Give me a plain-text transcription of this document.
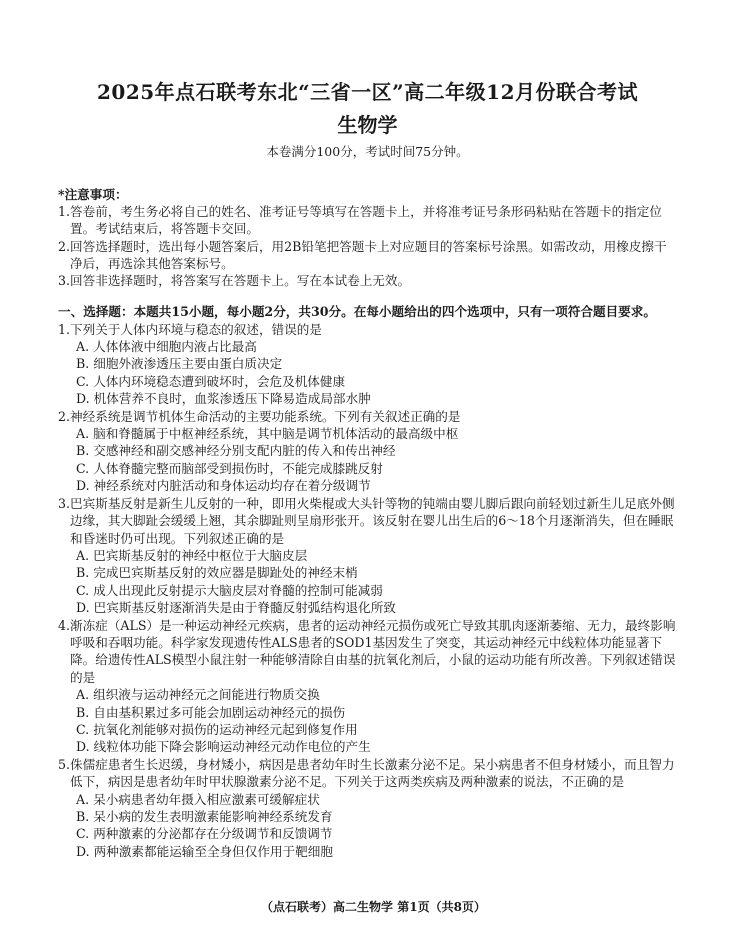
2025年点石联考东北“三省一区”高二年级12月份联合考试
生物学
本卷满分100分，考试时间75分钟。
*注意事项：
1. 答卷前，考生务必将自己的姓名、准考证号等填写在答题卡上，并将准考证号条形码粘贴在答题卡的指定位置。考试结束后，将答题卡交回。
2. 回答选择题时，选出每小题答案后，用2B铅笔把答题卡上对应题目的答案标号涂黑。如需改动，用橡皮擦干净后，再选涂其他答案标号。
3. 回答非选择题时，将答案写在答题卡上。写在本试卷上无效。
一、 选择题：本题共15小题，每小题2分，共30分。在每小题给出的四个选项中，只有一项符合题目要求。
1. 下列关于人体内环境与稳态的叙述，错误的是
A. 人体体液中细胞内液占比最高
B. 细胞外液渗透压主要由蛋白质决定
C. 人体内环境稳态遭到破坏时，会危及机体健康
D. 机体营养不良时，血浆渗透压下降易造成局部水肿
2. 神经系统是调节机体生命活动的主要功能系统。下列有关叙述正确的是
A. 脑和脊髓属于中枢神经系统，其中脑是调节机体活动的最高级中枢
B. 交感神经和副交感神经分别支配内脏的传入和传出神经
C. 人体脊髓完整而脑部受到损伤时，不能完成膝跳反射
D. 神经系统对内脏活动和身体运动均存在着分级调节
3. 巴宾斯基反射是新生儿反射的一种，即用火柴棍或大头针等物的钝端由婴儿脚后跟向前轻划过新生儿足底外侧边缘，其大脚趾会缓缓上翘，其余脚趾则呈扇形张开。该反射在婴儿出生后的6～18个月逐渐消失，但在睡眠和昏迷时仍可出现。下列叙述正确的是
A. 巴宾斯基反射的神经中枢位于大脑皮层
B. 完成巴宾斯基反射的效应器是脚趾处的神经末梢
C. 成人出现此反射提示大脑皮层对脊髓的控制可能减弱
D. 巴宾斯基反射逐渐消失是由于脊髓反射弧结构退化所致
4. 渐冻症（ALS）是一种运动神经元疾病，患者的运动神经元损伤或死亡导致其肌肉逐渐萎缩、无力，最终影响呼吸和吞咽功能。科学家发现遗传性ALS患者的SOD1基因发生了突变，其运动神经元中线粒体功能显著下降。给遗传性ALS模型小鼠注射一种能够清除自由基的抗氧化剂后，小鼠的运动功能有所改善。下列叙述错误的是
A. 组织液与运动神经元之间能进行物质交换
B. 自由基积累过多可能会加剧运动神经元的损伤
C. 抗氧化剂能够对损伤的运动神经元起到修复作用
D. 线粒体功能下降会影响运动神经元动作电位的产生
5. 侏儒症患者生长迟缓，身材矮小，病因是患者幼年时生长激素分泌不足。呆小病患者不但身材矮小，而且智力低下，病因是患者幼年时甲状腺激素分泌不足。下列关于这两类疾病及两种激素的说法，不正确的是
A. 呆小病患者幼年摄入相应激素可缓解症状
B. 呆小病的发生表明激素能影响神经系统发育
C. 两种激素的分泌都存在分级调节和反馈调节
D. 两种激素都能运输至全身但仅作用于靶细胞
（点石联考）高二生物学 第1页（共8页）
